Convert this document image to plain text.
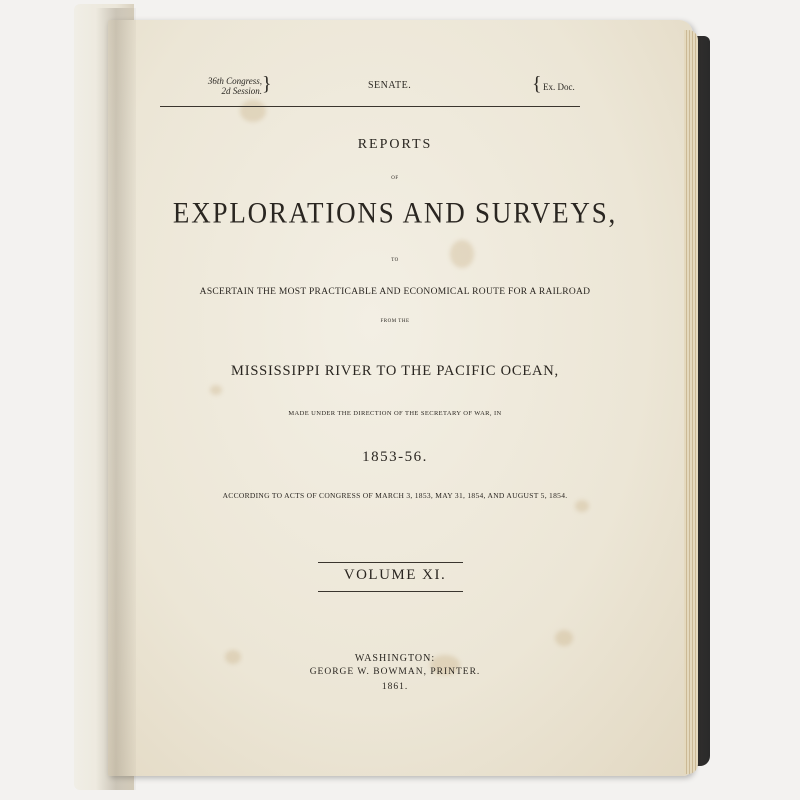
36th Congress,
2d Session. }	SENATE.	{ Ex. Doc.
REPORTS
OF
EXPLORATIONS AND SURVEYS,
TO
ASCERTAIN THE MOST PRACTICABLE AND ECONOMICAL ROUTE FOR A RAILROAD
FROM THE
MISSISSIPPI RIVER TO THE PACIFIC OCEAN,
MADE UNDER THE DIRECTION OF THE SECRETARY OF WAR, IN
1853-56.
ACCORDING TO ACTS OF CONGRESS OF MARCH 3, 1853, MAY 31, 1854, AND AUGUST 5, 1854.
VOLUME XI.
WASHINGTON:
GEORGE W. BOWMAN, PRINTER.
1861.
